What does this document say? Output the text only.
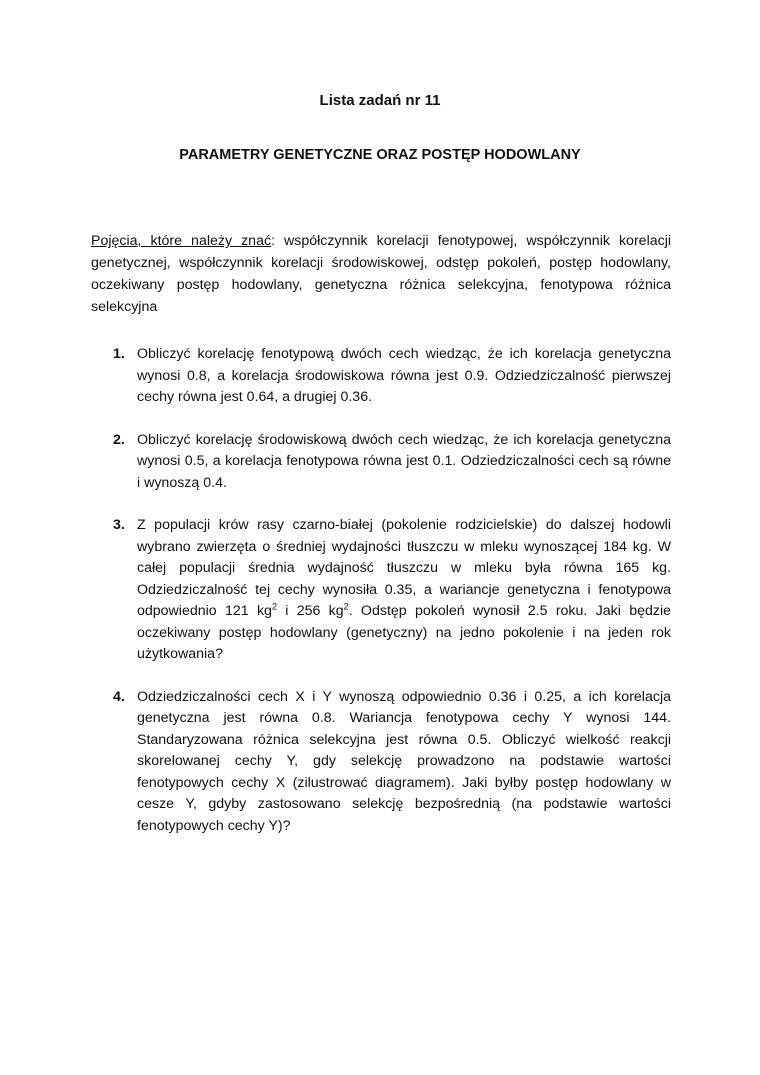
Lista zadań nr 11
PARAMETRY GENETYCZNE ORAZ POSTĘP HODOWLANY

Pojęcia, które należy znać: współczynnik korelacji fenotypowej, współczynnik korelacji genetycznej, współczynnik korelacji środowiskowej, odstęp pokoleń, postęp hodowlany, oczekiwany postęp hodowlany, genetyczna różnica selekcyjna, fenotypowa różnica selekcyjna

1. Obliczyć korelację fenotypową dwóch cech wiedząc, że ich korelacja genetyczna wynosi 0.8, a korelacja środowiskowa równa jest 0.9. Odziedziczalność pierwszej cechy równa jest 0.64, a drugiej 0.36.
2. Obliczyć korelację środowiskową dwóch cech wiedząc, że ich korelacja genetyczna wynosi 0.5, a korelacja fenotypowa równa jest 0.1. Odziedziczalności cech są równe i wynoszą 0.4.
3. Z populacji krów rasy czarno-białej (pokolenie rodzicielskie) do dalszej hodowli wybrano zwierzęta o średniej wydajności tłuszczu w mleku wynoszącej 184 kg. W całej populacji średnia wydajność tłuszczu w mleku była równa 165 kg. Odziedziczalność tej cechy wynosiła 0.35, a wariancje genetyczna i fenotypowa odpowiednio 121 $kg^2$ i 256 $kg^2$. Odstęp pokoleń wynosił 2.5 roku. Jaki będzie oczekiwany postęp hodowlany (genetyczny) na jedno pokolenie i na jeden rok użytkowania?
4. Odziedziczalności cech X i Y wynoszą odpowiednio 0.36 i 0.25, a ich korelacja genetyczna jest równa 0.8. Wariancja fenotypowa cechy Y wynosi 144. Standaryzowana różnica selekcyjna jest równa 0.5. Obliczyć wielkość reakcji skorelowanej cechy Y, gdy selekcję prowadzono na podstawie wartości fenotypowych cechy X (zilustrować diagramem). Jaki byłby postęp hodowlany w cesze Y, gdyby zastosowano selekcję bezpośrednią (na podstawie wartości fenotypowych cechy Y)?
